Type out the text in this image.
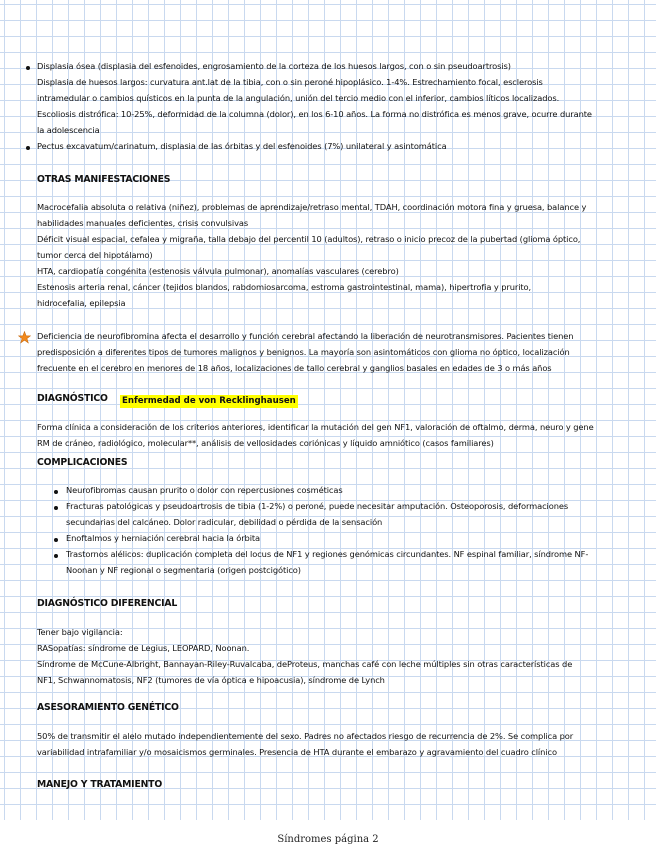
Displasia ósea (displasia del esfenoides, engrosamiento de la corteza de los huesos largos, con o sin pseudoartrosis)
Displasia de huesos largos: curvatura ant.lat de la tibia, con o sin peroné hipoplásico. 1-4%. Estrechamiento focal, esclerosis
intramedular o cambios quísticos en la punta de la angulación, unión del tercio medio con el inferior, cambios líticos localizados.
Escoliosis distrófica: 10-25%, deformidad de la columna (dolor), en los 6-10 años. La forma no distrófica es menos grave, ocurre durante
la adolescencia
Pectus excavatum/carinatum, displasia de las órbitas y del esfenoides (7%) unilateral y asintomática
OTRAS MANIFESTACIONES
Macrocefalia absoluta o relativa (niñez), problemas de aprendizaje/retraso mental, TDAH, coordinación motora fina y gruesa, balance y
habilidades manuales deficientes, crisis convulsivas
Déficit visual espacial, cefalea y migraña, talla debajo del percentil 10 (adultos), retraso o inicio precoz de la pubertad (glioma óptico,
tumor cerca del hipotálamo)
HTA, cardiopatía congénita (estenosis válvula pulmonar), anomalías vasculares (cerebro)
Estenosis arteria renal, cáncer (tejidos blandos, rabdomiosarcoma, estroma gastrointestinal, mama), hipertrofia y prurito,
hidrocefalia, epilepsia
Deficiencia de neurofibromina afecta el desarrollo y función cerebral afectando la liberación de neurotransmisores. Pacientes tienen
predisposición a diferentes tipos de tumores malignos y benignos. La mayoría son asintomáticos con glioma no óptico, localización
frecuente en el cerebro en menores de 18 años, localizaciones de tallo cerebral y ganglios basales en edades de 3 o más años
DIAGNÓSTICO Enfermedad de von Recklinghausen
Forma clínica a consideración de los criterios anteriores, identificar la mutación del gen NF1, valoración de oftalmo, derma, neuro y gene
RM de cráneo, radiológico, molecular**, análisis de vellosidades coriónicas y líquido amniótico (casos familiares)
COMPLICACIONES
Neurofibromas causan prurito o dolor con repercusiones cosméticas
Fracturas patológicas y pseudoartrosis de tibia (1-2%) o peroné, puede necesitar amputación. Osteoporosis, deformaciones
secundarias del calcáneo. Dolor radicular, debilidad o pérdida de la sensación
Enoftalmos y herniación cerebral hacia la órbita
Trastornos alélicos: duplicación completa del locus de NF1 y regiones genómicas circundantes. NF espinal familiar, síndrome NF-
Noonan y NF regional o segmentaria (origen postcigótico)
DIAGNÓSTICO DIFERENCIAL
Tener bajo vigilancia:
RASopatías: síndrome de Legius, LEOPARD, Noonan.
Síndrome de McCune-Albright, Bannayan-Riley-Ruvalcaba, deProteus, manchas café con leche múltiples sin otras características de
NF1, Schwannomatosis, NF2 (tumores de vía óptica e hipoacusia), síndrome de Lynch
ASESORAMIENTO GENÉTICO
50% de transmitir el alelo mutado independientemente del sexo. Padres no afectados riesgo de recurrencia de 2%. Se complica por
variabilidad intrafamiliar y/o mosaicismos germinales. Presencia de HTA durante el embarazo y agravamiento del cuadro clínico
MANEJO Y TRATAMIENTO
Síndromes página 2
